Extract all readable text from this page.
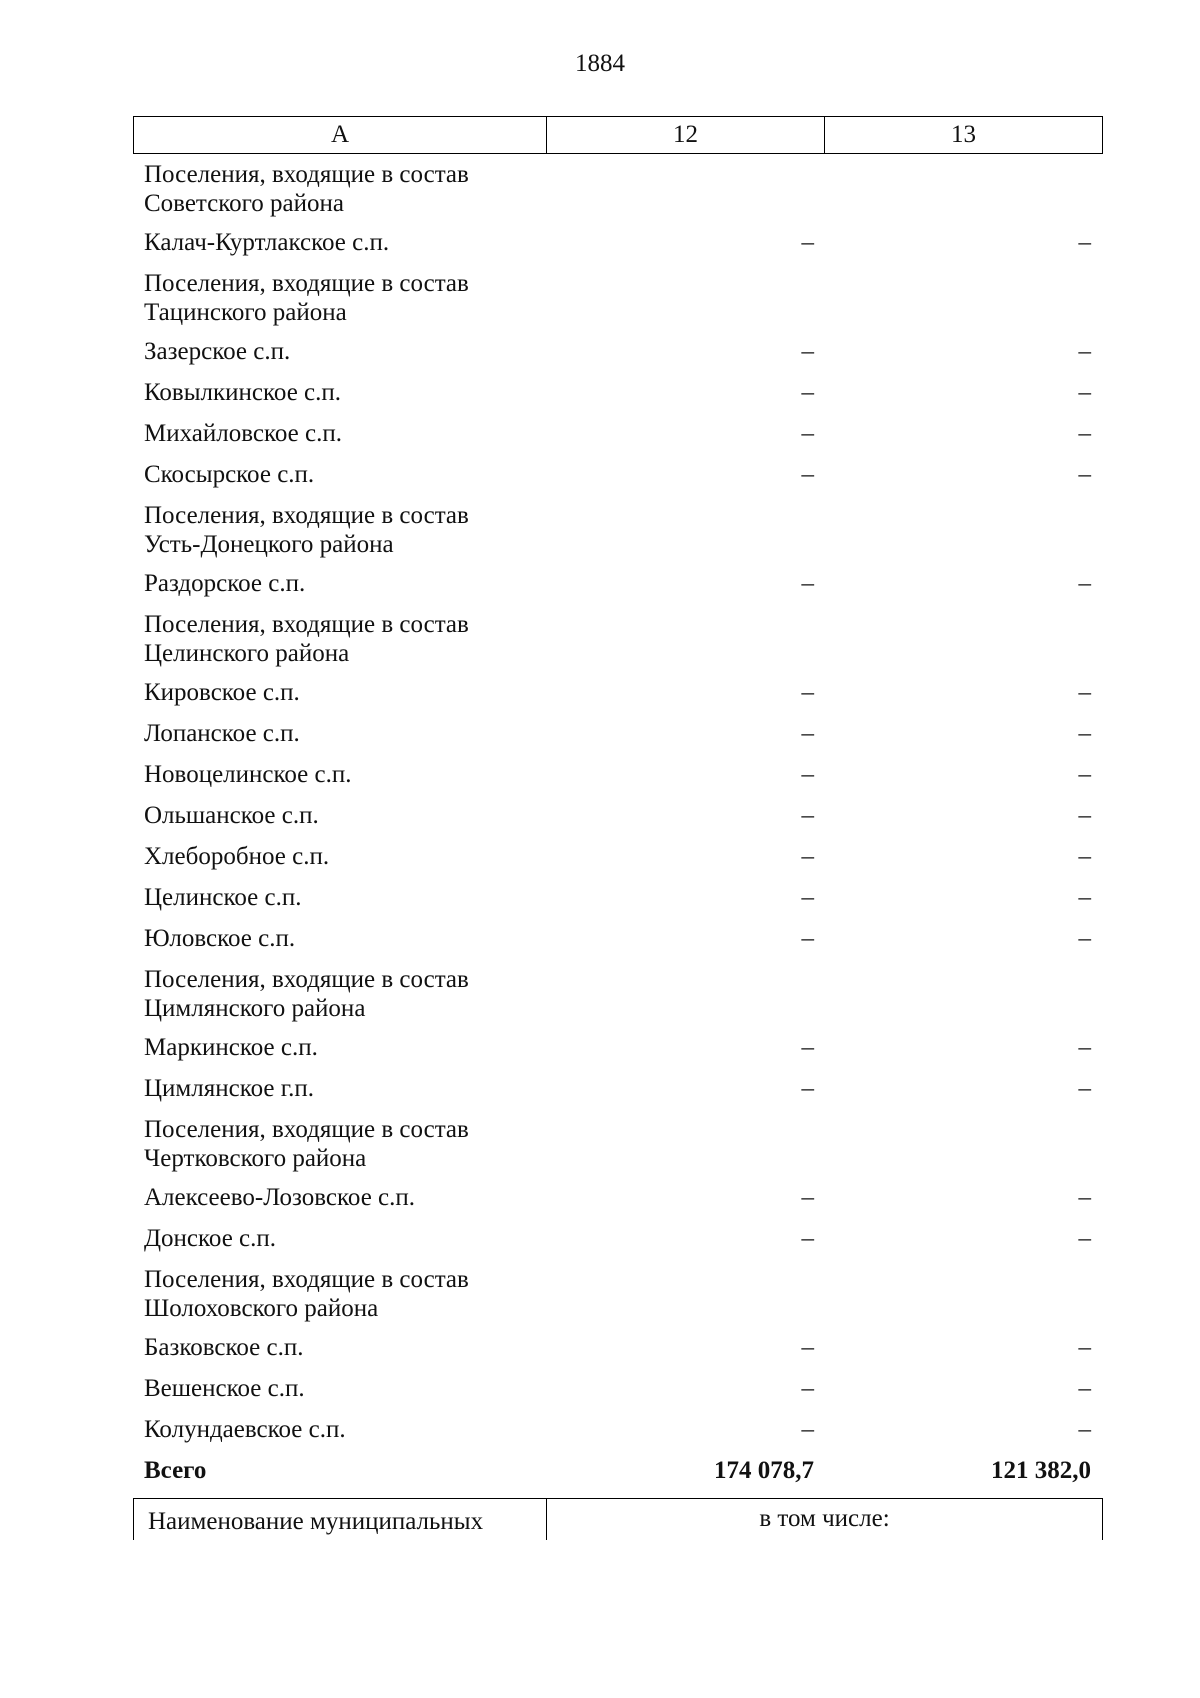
1884
А	12	13
Поселения, входящие в состав
Советского района
Калач-Куртлакское с.п.	–	–
Поселения, входящие в состав
Тацинского района
Зазерское с.п.	–	–
Ковылкинское с.п.	–	–
Михайловское с.п.	–	–
Скосырское с.п.	–	–
Поселения, входящие в состав
Усть-Донецкого района
Раздорское с.п.	–	–
Поселения, входящие в состав
Целинского района
Кировское с.п.	–	–
Лопанское с.п.	–	–
Новоцелинское с.п.	–	–
Ольшанское с.п.	–	–
Хлеборобное с.п.	–	–
Целинское с.п.	–	–
Юловское с.п.	–	–
Поселения, входящие в состав
Цимлянского района
Маркинское с.п.	–	–
Цимлянское г.п.	–	–
Поселения, входящие в состав
Чертковского района
Алексеево-Лозовское с.п.	–	–
Донское с.п.	–	–
Поселения, входящие в состав
Шолоховского района
Базковское с.п.	–	–
Вешенское с.п.	–	–
Колундаевское с.п.	–	–
Всего	174 078,7	121 382,0
Наименование муниципальных	в том числе:
